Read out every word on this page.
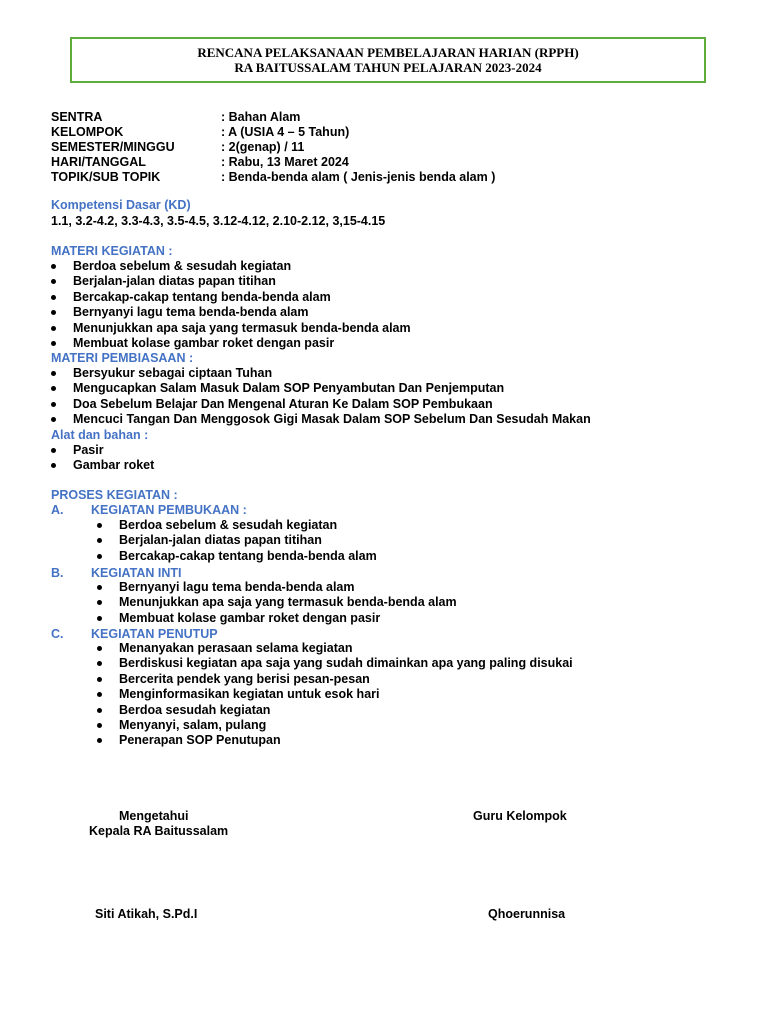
RENCANA PELAKSANAAN PEMBELAJARAN HARIAN (RPPH)
RA BAITUSSALAM TAHUN PELAJARAN 2023-2024
SENTRA	: Bahan Alam
KELOMPOK	: A (USIA 4 – 5 Tahun)
SEMESTER/MINGGU	: 2(genap) / 11
HARI/TANGGAL	: Rabu, 13 Maret 2024
TOPIK/SUB TOPIK	: Benda-benda alam ( Jenis-jenis benda alam )
Kompetensi Dasar (KD)
1.1, 3.2-4.2, 3.3-4.3, 3.5-4.5, 3.12-4.12, 2.10-2.12, 3,15-4.15
MATERI KEGIATAN :
Berdoa sebelum & sesudah kegiatan
Berjalan-jalan diatas papan titihan
Bercakap-cakap tentang benda-benda alam
Bernyanyi lagu tema benda-benda alam
Menunjukkan apa saja yang termasuk benda-benda alam
Membuat kolase gambar roket dengan pasir
MATERI PEMBIASAAN :
Bersyukur sebagai ciptaan Tuhan
Mengucapkan Salam Masuk Dalam SOP Penyambutan Dan Penjemputan
Doa Sebelum Belajar Dan Mengenal Aturan Ke Dalam SOP Pembukaan
Mencuci Tangan Dan Menggosok Gigi Masak Dalam SOP Sebelum Dan Sesudah Makan
Alat dan bahan :
Pasir
Gambar roket
PROSES KEGIATAN :
A. KEGIATAN PEMBUKAAN :
Berdoa sebelum & sesudah kegiatan
Berjalan-jalan diatas papan titihan
Bercakap-cakap tentang benda-benda alam
B. KEGIATAN INTI
Bernyanyi lagu tema benda-benda alam
Menunjukkan apa saja yang termasuk benda-benda alam
Membuat kolase gambar roket dengan pasir
C. KEGIATAN PENUTUP
Menanyakan perasaan selama kegiatan
Berdiskusi kegiatan apa saja yang sudah dimainkan apa yang paling disukai
Bercerita pendek yang berisi pesan-pesan
Menginformasikan kegiatan untuk esok hari
Berdoa sesudah kegiatan
Menyanyi, salam, pulang
Penerapan SOP Penutupan
Mengetahui
Kepala RA Baitussalam
Guru Kelompok
Siti Atikah, S.Pd.I	Qhoerunnisa
